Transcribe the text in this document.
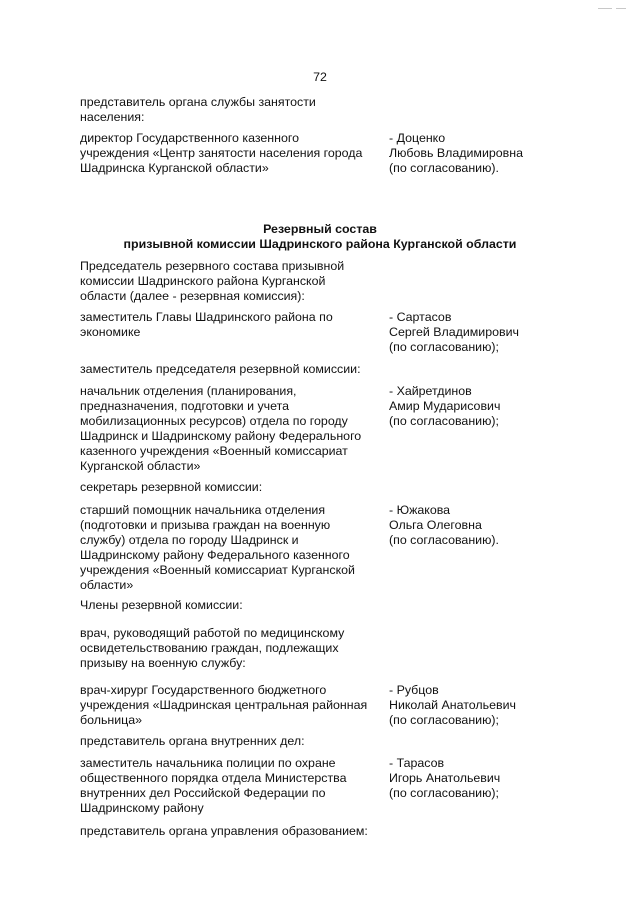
72
представитель органа службы занятости
населения:
директор Государственного казенного
учреждения «Центр занятости населения города
Шадринска Курганской области»
- Доценко
Любовь Владимировна
(по согласованию).
Резервный состав
призывной комиссии Шадринского района Курганской области
Председатель резервного состава призывной
комиссии Шадринского района Курганской
области (далее - резервная комиссия):
заместитель Главы Шадринского района по
экономике
- Сартасов
Сергей Владимирович
(по согласованию);
заместитель председателя резервной комиссии:
начальник отделения (планирования,
предназначения, подготовки и учета
мобилизационных ресурсов) отдела по городу
Шадринск и Шадринскому району Федерального
казенного учреждения «Военный комиссариат
Курганской области»
- Хайретдинов
Амир Мударисович
(по согласованию);
секретарь резервной комиссии:
старший помощник начальника отделения
(подготовки и призыва граждан на военную
службу) отдела по городу Шадринск и
Шадринскому району Федерального казенного
учреждения «Военный комиссариат Курганской
области»
- Южакова
Ольга Олеговна
(по согласованию).
Члены резервной комиссии:
врач, руководящий работой по медицинскому
освидетельствованию граждан, подлежащих
призыву на военную службу:
врач-хирург Государственного бюджетного
учреждения «Шадринская центральная районная
больница»
- Рубцов
Николай Анатольевич
(по согласованию);
представитель органа внутренних дел:
заместитель начальника полиции по охране
общественного порядка отдела Министерства
внутренних дел Российской Федерации по
Шадринскому району
- Тарасов
Игорь Анатольевич
(по согласованию);
представитель органа управления образованием:
